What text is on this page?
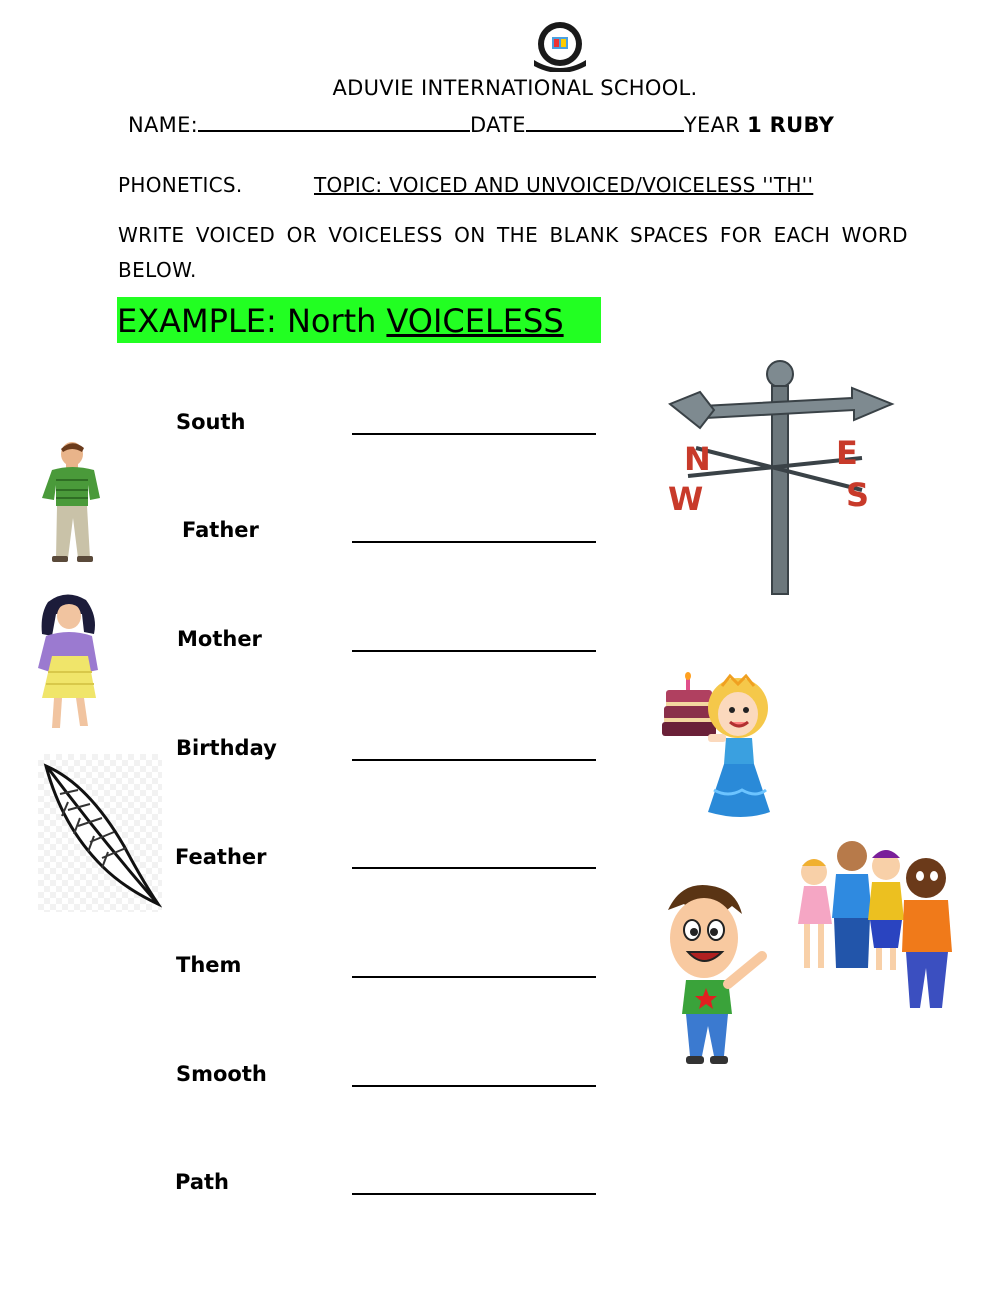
ADUVIE INTERNATIONAL SCHOOL.
NAME:	DATE	YEAR 1 RUBY
PHONETICS.	TOPIC: VOICED AND UNVOICED/VOICELESS ''TH''
WRITE VOICED OR VOICELESS ON THE BLANK SPACES FOR EACH WORD BELOW.
EXAMPLE: North VOICELESS
South
Father
Mother
Birthday
Feather
Them
Smooth
Path
N	E
W	S
